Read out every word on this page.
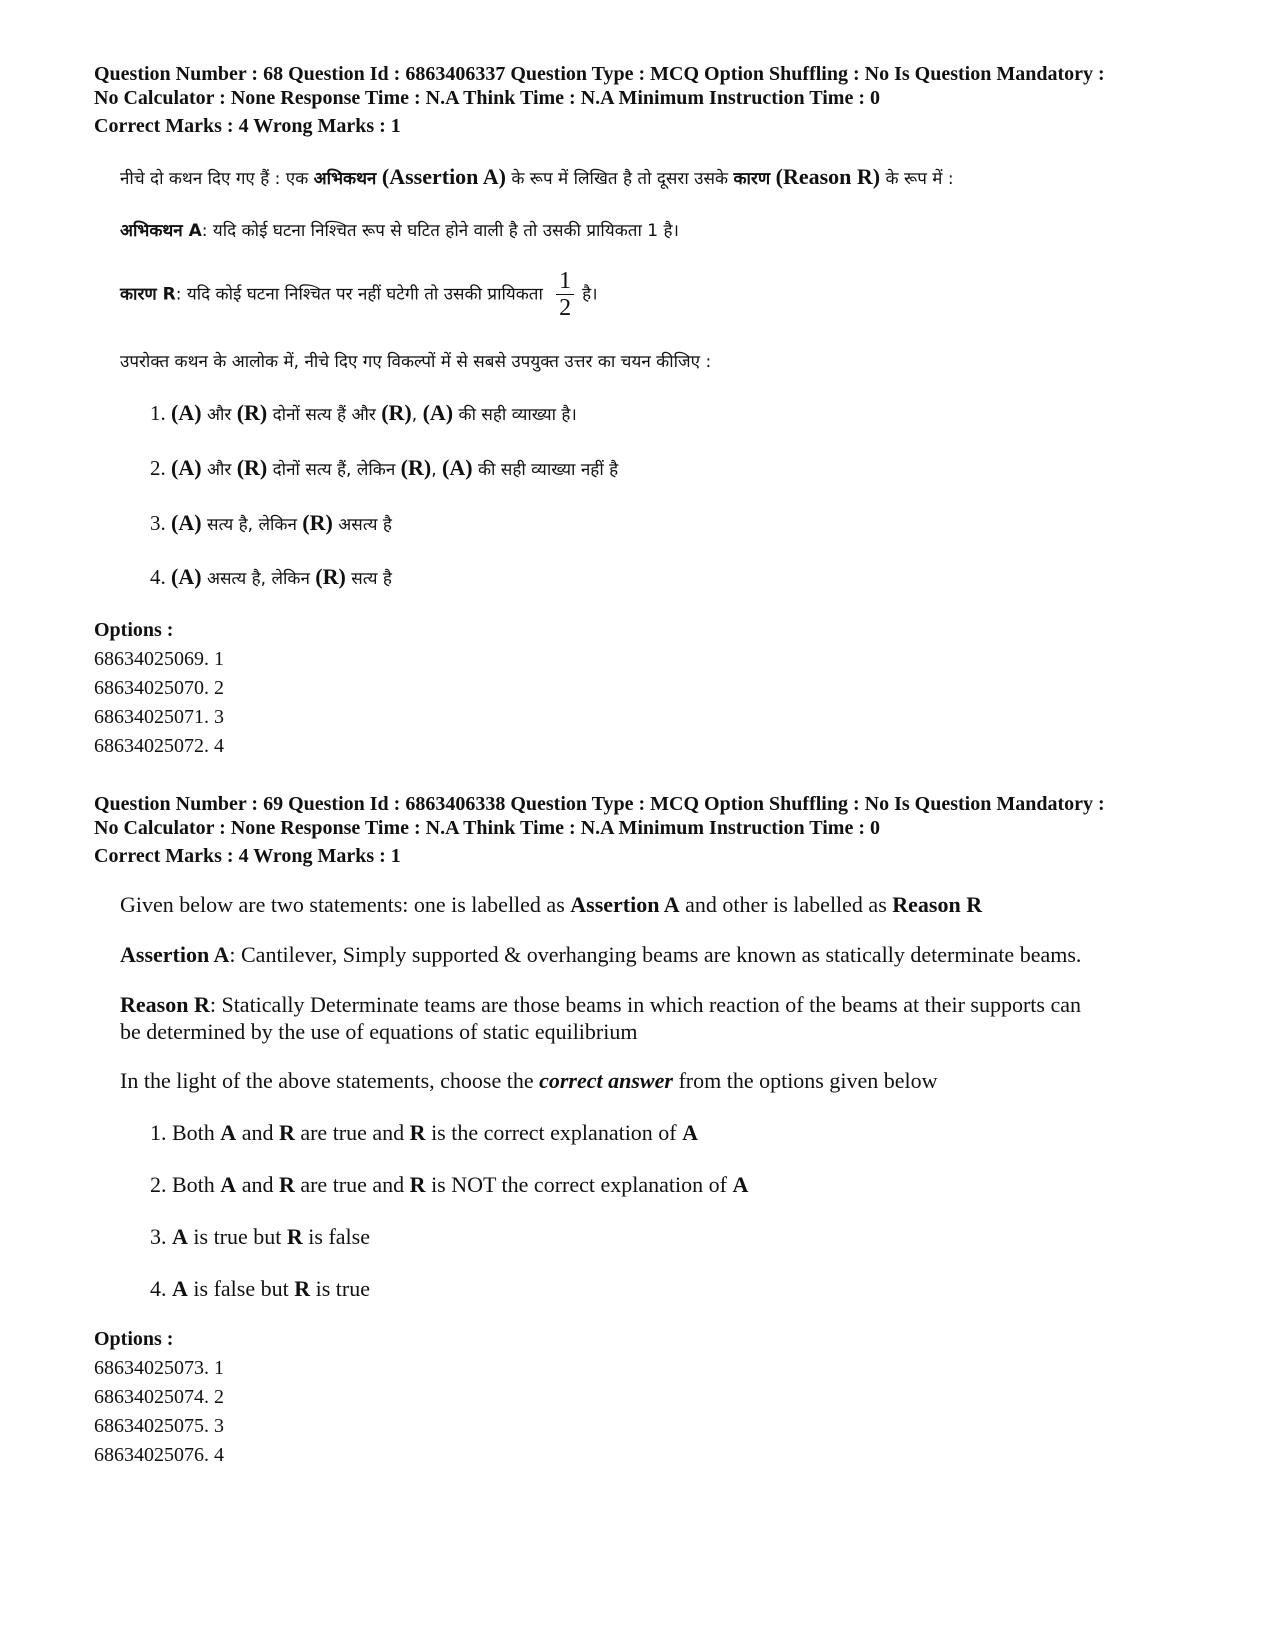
Question Number : 68 Question Id : 6863406337 Question Type : MCQ Option Shuffling : No Is Question Mandatory :
No Calculator : None Response Time : N.A Think Time : N.A Minimum Instruction Time : 0
Correct Marks : 4 Wrong Marks : 1
नीचे दो कथन दिए गए हैं : एक अभिकथन (Assertion A) के रूप में लिखित है तो दूसरा उसके कारण (Reason R) के रूप में :
अभिकथन A: यदि कोई घटना निश्चित रूप से घटित होने वाली है तो उसकी प्रायिकता 1 है।
कारण R: यदि कोई घटना निश्चित पर नहीं घटेगी तो उसकी प्रायिकता $\frac{1}{2}$ है।
उपरोक्त कथन के आलोक में, नीचे दिए गए विकल्पों में से सबसे उपयुक्त उत्तर का चयन कीजिए :
1. (A) और (R) दोनों सत्य हैं और (R), (A) की सही व्याख्या है।
2. (A) और (R) दोनों सत्य हैं, लेकिन (R), (A) की सही व्याख्या नहीं है
3. (A) सत्य है, लेकिन (R) असत्य है
4. (A) असत्य है, लेकिन (R) सत्य है
Options :
68634025069. 1
68634025070. 2
68634025071. 3
68634025072. 4
Question Number : 69 Question Id : 6863406338 Question Type : MCQ Option Shuffling : No Is Question Mandatory :
No Calculator : None Response Time : N.A Think Time : N.A Minimum Instruction Time : 0
Correct Marks : 4 Wrong Marks : 1
Given below are two statements: one is labelled as Assertion A and other is labelled as Reason R
Assertion A: Cantilever, Simply supported & overhanging beams are known as statically determinate beams.
Reason R: Statically Determinate teams are those beams in which reaction of the beams at their supports can
be determined by the use of equations of static equilibrium
In the light of the above statements, choose the correct answer from the options given below
1. Both A and R are true and R is the correct explanation of A
2. Both A and R are true and R is NOT the correct explanation of A
3. A is true but R is false
4. A is false but R is true
Options :
68634025073. 1
68634025074. 2
68634025075. 3
68634025076. 4
